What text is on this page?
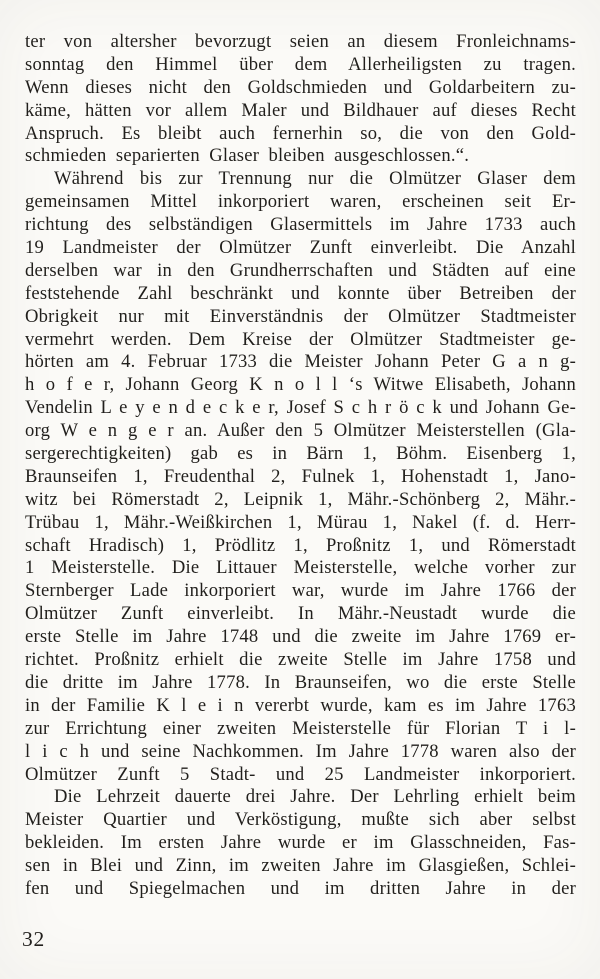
ter von altersher bevorzugt seien an diesem Fronleichnams-
sonntag den Himmel über dem Allerheiligsten zu tragen.
Wenn dieses nicht den Goldschmieden und Goldarbeitern zu-
käme, hätten vor allem Maler und Bildhauer auf dieses Recht
Anspruch. Es bleibt auch fernerhin so, die von den Gold-
schmieden separierten Glaser bleiben ausgeschlossen.“.
Während bis zur Trennung nur die Olmützer Glaser dem
gemeinsamen Mittel inkorporiert waren, erscheinen seit Er-
richtung des selbständigen Glasermittels im Jahre 1733 auch
19 Landmeister der Olmützer Zunft einverleibt. Die Anzahl
derselben war in den Grundherrschaften und Städten auf eine
feststehende Zahl beschränkt und konnte über Betreiben der
Obrigkeit nur mit Einverständnis der Olmützer Stadtmeister
vermehrt werden. Dem Kreise der Olmützer Stadtmeister ge-
hörten am 4. Februar 1733 die Meister Johann Peter G a n g-
h o f e r, Johann Georg K n o l l ‘s Witwe Elisabeth, Johann
Vendelin L e y e n d e c k e r, Josef S c h r ö c k und Johann Ge-
org W e n g e r an. Außer den 5 Olmützer Meisterstellen (Gla-
sergerechtigkeiten) gab es in Bärn 1, Böhm. Eisenberg 1,
Braunseifen 1, Freudenthal 2, Fulnek 1, Hohenstadt 1, Jano-
witz bei Römerstadt 2, Leipnik 1, Mähr.-Schönberg 2, Mähr.-
Trübau 1, Mähr.-Weißkirchen 1, Mürau 1, Nakel (f. d. Herr-
schaft Hradisch) 1, Prödlitz 1, Proßnitz 1, und Römerstadt
1 Meisterstelle. Die Littauer Meisterstelle, welche vorher zur
Sternberger Lade inkorporiert war, wurde im Jahre 1766 der
Olmützer Zunft einverleibt. In Mähr.-Neustadt wurde die
erste Stelle im Jahre 1748 und die zweite im Jahre 1769 er-
richtet. Proßnitz erhielt die zweite Stelle im Jahre 1758 und
die dritte im Jahre 1778. In Braunseifen, wo die erste Stelle
in der Familie K l e i n vererbt wurde, kam es im Jahre 1763
zur Errichtung einer zweiten Meisterstelle für Florian T i l-
l i c h und seine Nachkommen. Im Jahre 1778 waren also der
Olmützer Zunft 5 Stadt- und 25 Landmeister inkorporiert.
Die Lehrzeit dauerte drei Jahre. Der Lehrling erhielt beim
Meister Quartier und Verköstigung, mußte sich aber selbst
bekleiden. Im ersten Jahre wurde er im Glasschneiden, Fas-
sen in Blei und Zinn, im zweiten Jahre im Glasgießen, Schlei-
fen und Spiegelmachen und im dritten Jahre in der
32
